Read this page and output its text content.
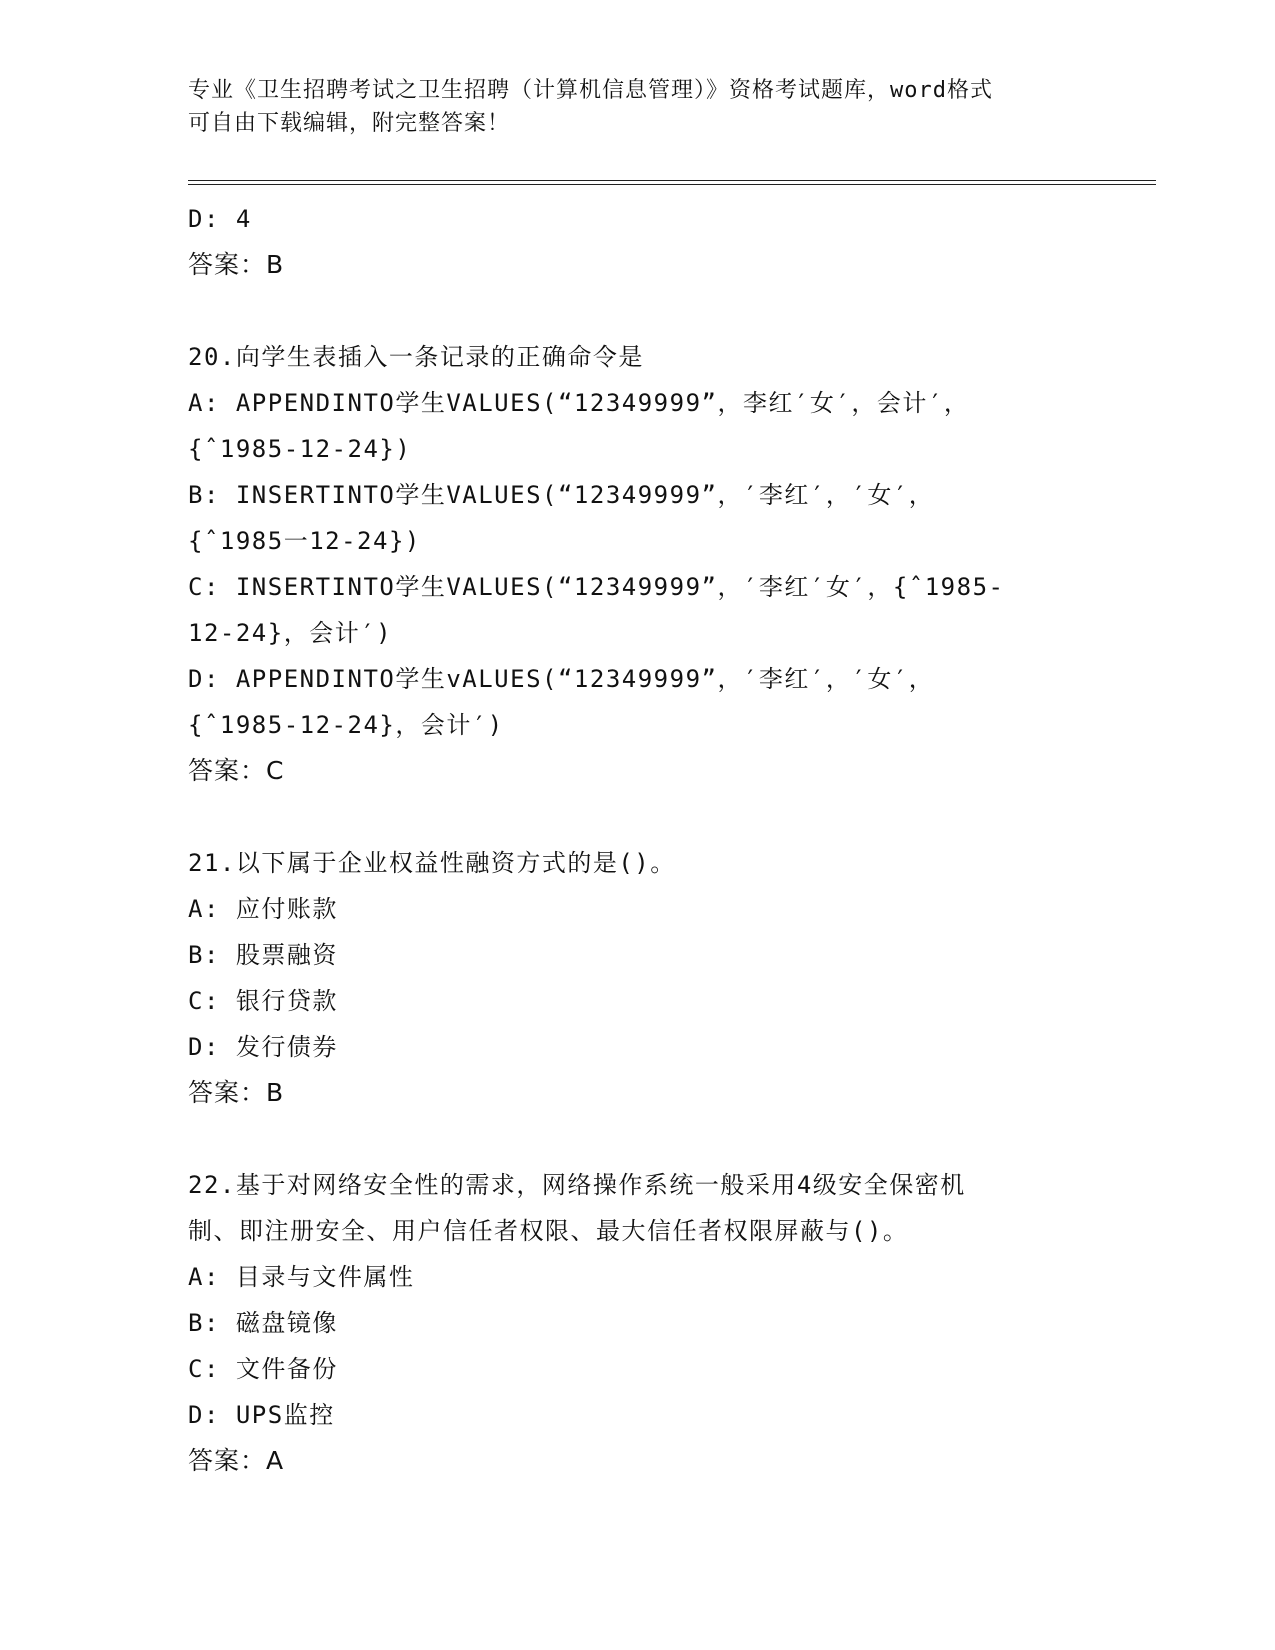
专业《卫生招聘考试之卫生招聘（计算机信息管理）》资格考试题库，word格式
可自由下载编辑，附完整答案！
D: 4
答案：B
20.向学生表插入一条记录的正确命令是
A: APPENDINTO学生VALUES(“12349999”，李红′女′，会计′，
{ˆ1985-12-24})
B: INSERTINTO学生VALUES(“12349999”，′李红′，′女′，
{ˆ1985一12-24})
C: INSERTINTO学生VALUES(“12349999”，′李红′女′，{ˆ1985-
12-24}，会计′)
D: APPENDINTO学生vALUES(“12349999”，′李红′，′女′，
{ˆ1985-12-24}，会计′)
答案：C
21.以下属于企业权益性融资方式的是()。
A: 应付账款
B: 股票融资
C: 银行贷款
D: 发行债券
答案：B
22.基于对网络安全性的需求，网络操作系统一般采用4级安全保密机
制、即注册安全、用户信任者权限、最大信任者权限屏蔽与()。
A: 目录与文件属性
B: 磁盘镜像
C: 文件备份
D: UPS监控
答案：A
